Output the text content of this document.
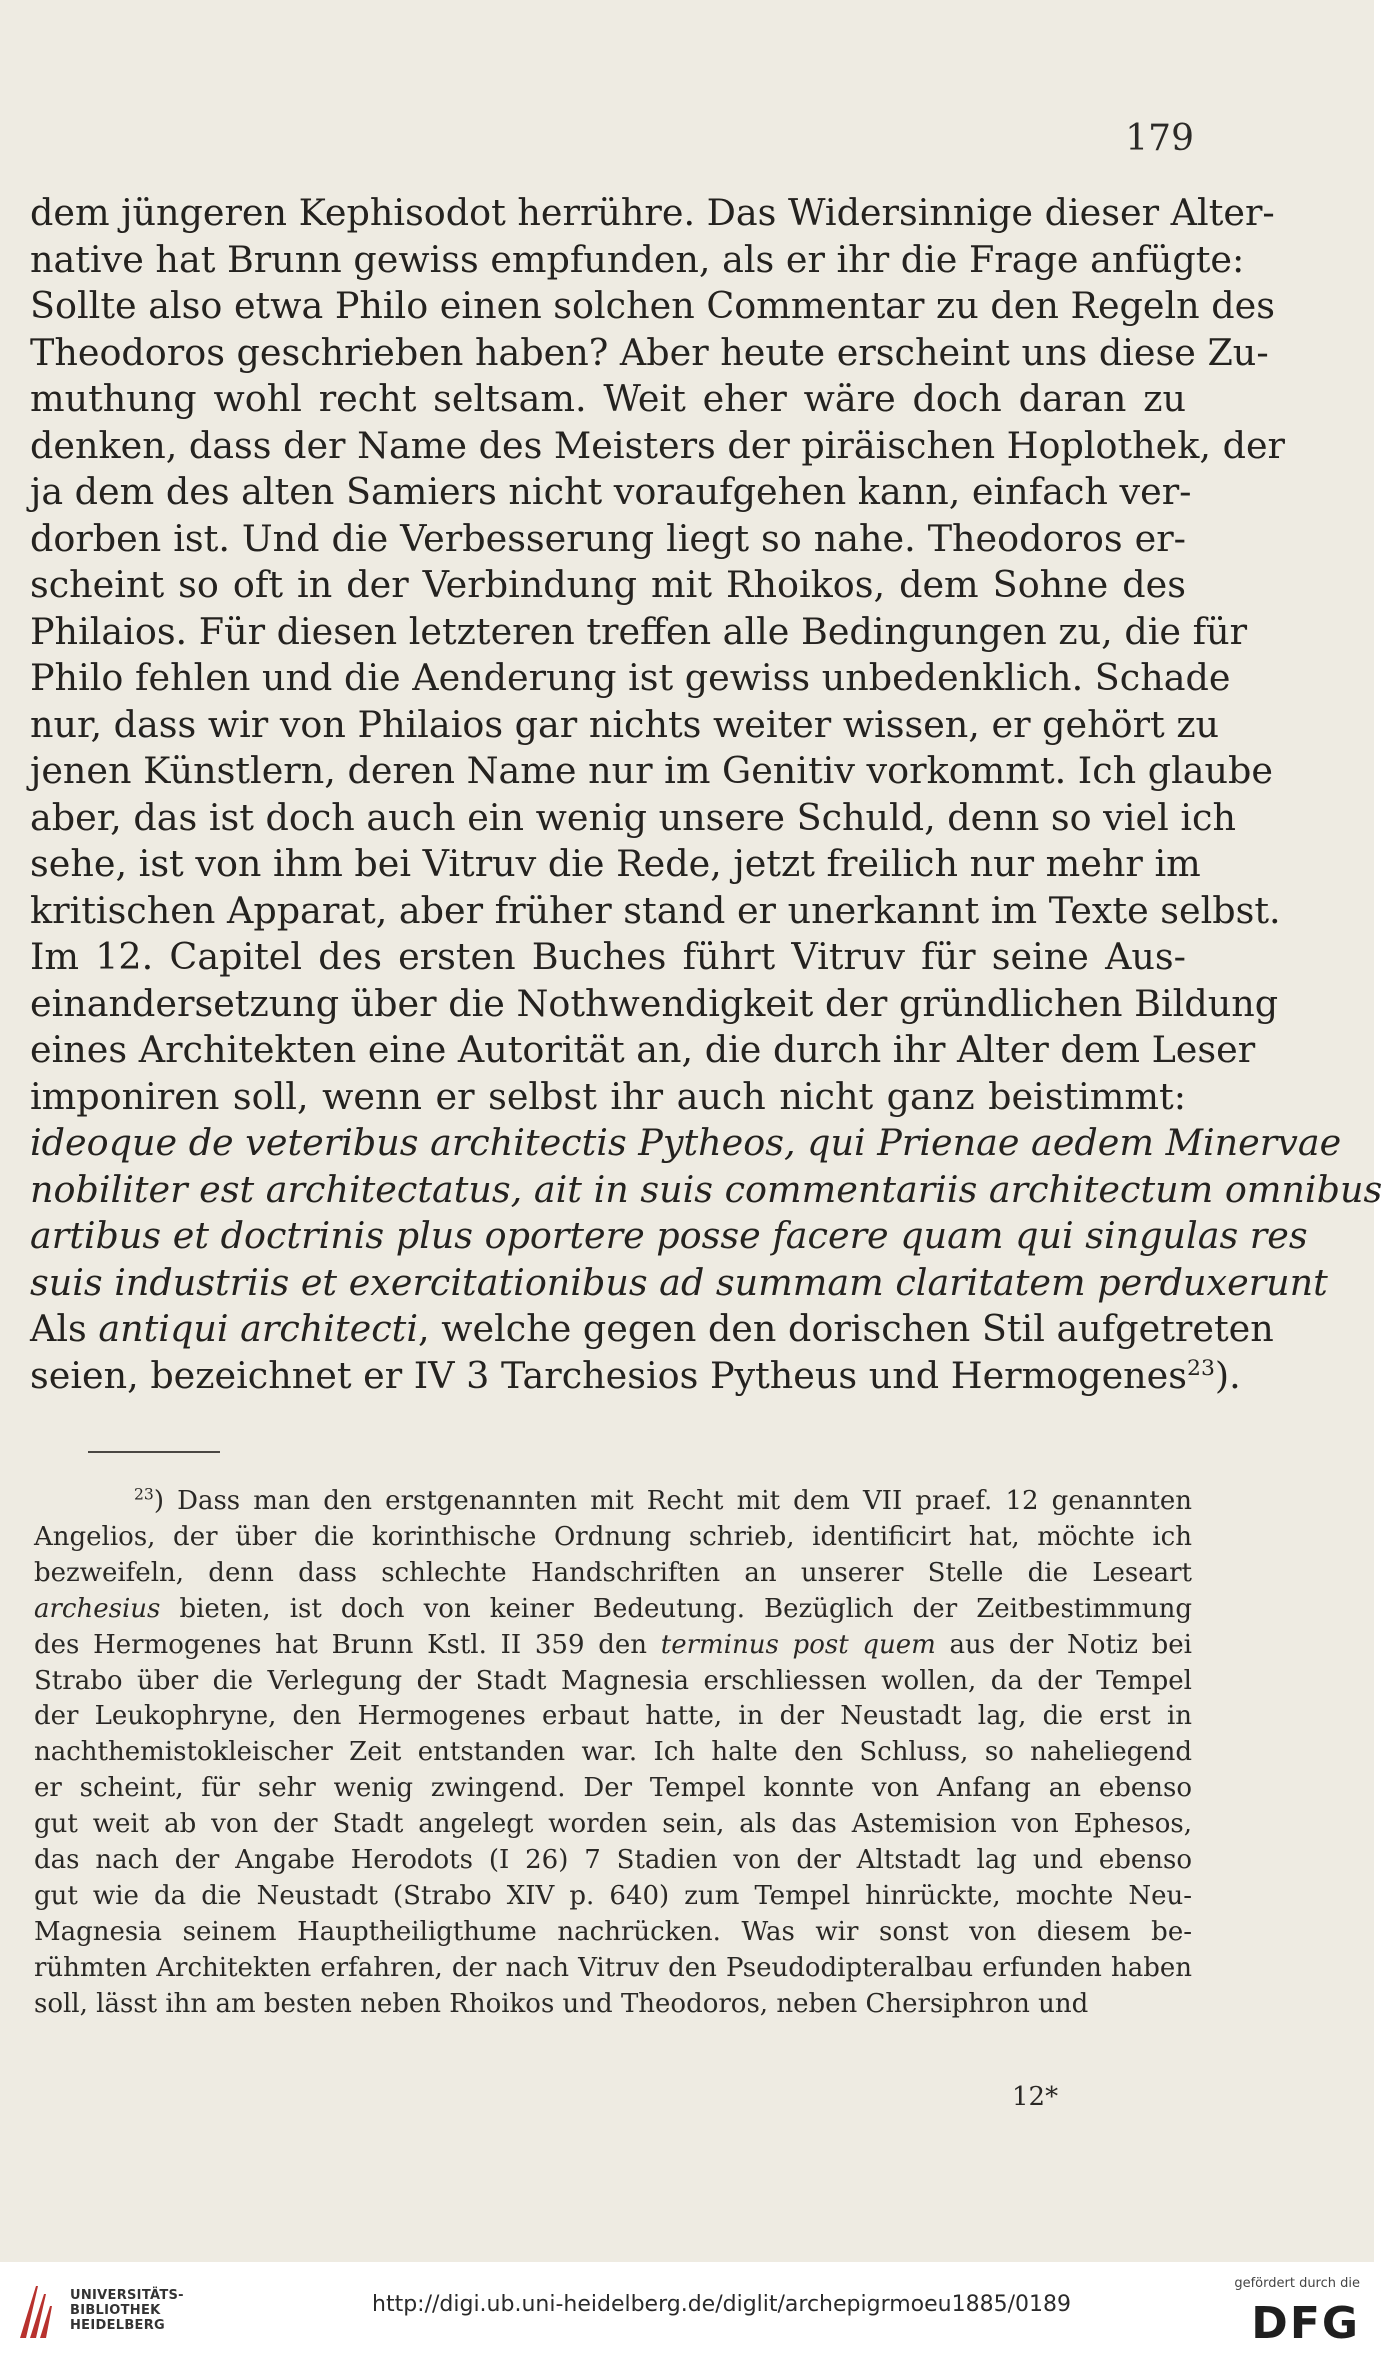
179
dem jüngeren Kephisodot herrühre. Das Widersinnige dieser Alter-
native hat Brunn gewiss empfunden, als er ihr die Frage anfügte:
Sollte also etwa Philo einen solchen Commentar zu den Regeln des
Theodoros geschrieben haben? Aber heute erscheint uns diese Zu-
muthung wohl recht seltsam. Weit eher wäre doch daran zu
denken, dass der Name des Meisters der piräischen Hoplothek, der
ja dem des alten Samiers nicht voraufgehen kann, einfach ver-
dorben ist. Und die Verbesserung liegt so nahe. Theodoros er-
scheint so oft in der Verbindung mit Rhoikos, dem Sohne des
Philaios. Für diesen letzteren treffen alle Bedingungen zu, die für
Philo fehlen und die Aenderung ist gewiss unbedenklich. Schade
nur, dass wir von Philaios gar nichts weiter wissen, er gehört zu
jenen Künstlern, deren Name nur im Genitiv vorkommt. Ich glaube
aber, das ist doch auch ein wenig unsere Schuld, denn so viel ich
sehe, ist von ihm bei Vitruv die Rede, jetzt freilich nur mehr im
kritischen Apparat, aber früher stand er unerkannt im Texte selbst.
Im 12. Capitel des ersten Buches führt Vitruv für seine Aus-
einandersetzung über die Nothwendigkeit der gründlichen Bildung
eines Architekten eine Autorität an, die durch ihr Alter dem Leser
imponiren soll, wenn er selbst ihr auch nicht ganz beistimmt:
ideoque de veteribus architectis Pytheos, qui Prienae aedem Minervae
nobiliter est architectatus, ait in suis commentariis architectum omnibus
artibus et doctrinis plus oportere posse facere quam qui singulas res
suis industriis et exercitationibus ad summam claritatem perduxerunt
Als antiqui architecti, welche gegen den dorischen Stil aufgetreten
seien, bezeichnet er IV 3 Tarchesios Pytheus und Hermogenes$^{23}$).
$^{23}$) Dass man den erstgenannten mit Recht mit dem VII praef. 12 genannten
Angelios, der über die korinthische Ordnung schrieb, identificirt hat, möchte ich
bezweifeln, denn dass schlechte Handschriften an unserer Stelle die Leseart
archesius bieten, ist doch von keiner Bedeutung. Bezüglich der Zeitbestimmung
des Hermogenes hat Brunn Kstl. II 359 den terminus post quem aus der Notiz bei
Strabo über die Verlegung der Stadt Magnesia erschliessen wollen, da der Tempel
der Leukophryne, den Hermogenes erbaut hatte, in der Neustadt lag, die erst in
nachthemistokleischer Zeit entstanden war. Ich halte den Schluss, so naheliegend
er scheint, für sehr wenig zwingend. Der Tempel konnte von Anfang an ebenso
gut weit ab von der Stadt angelegt worden sein, als das Astemision von Ephesos,
das nach der Angabe Herodots (I 26) 7 Stadien von der Altstadt lag und ebenso
gut wie da die Neustadt (Strabo XIV p. 640) zum Tempel hinrückte, mochte Neu-
Magnesia seinem Hauptheiligthume nachrücken. Was wir sonst von diesem be-
rühmten Architekten erfahren, der nach Vitruv den Pseudodipteralbau erfunden haben
soll, lässt ihn am besten neben Rhoikos und Theodoros, neben Chersiphron und
12*
UNIVERSITÄTS-
BIBLIOTHEK
HEIDELBERG
http://digi.ub.uni-heidelberg.de/diglit/archepigrmoeu1885/0189
gefördert durch die
DFG
